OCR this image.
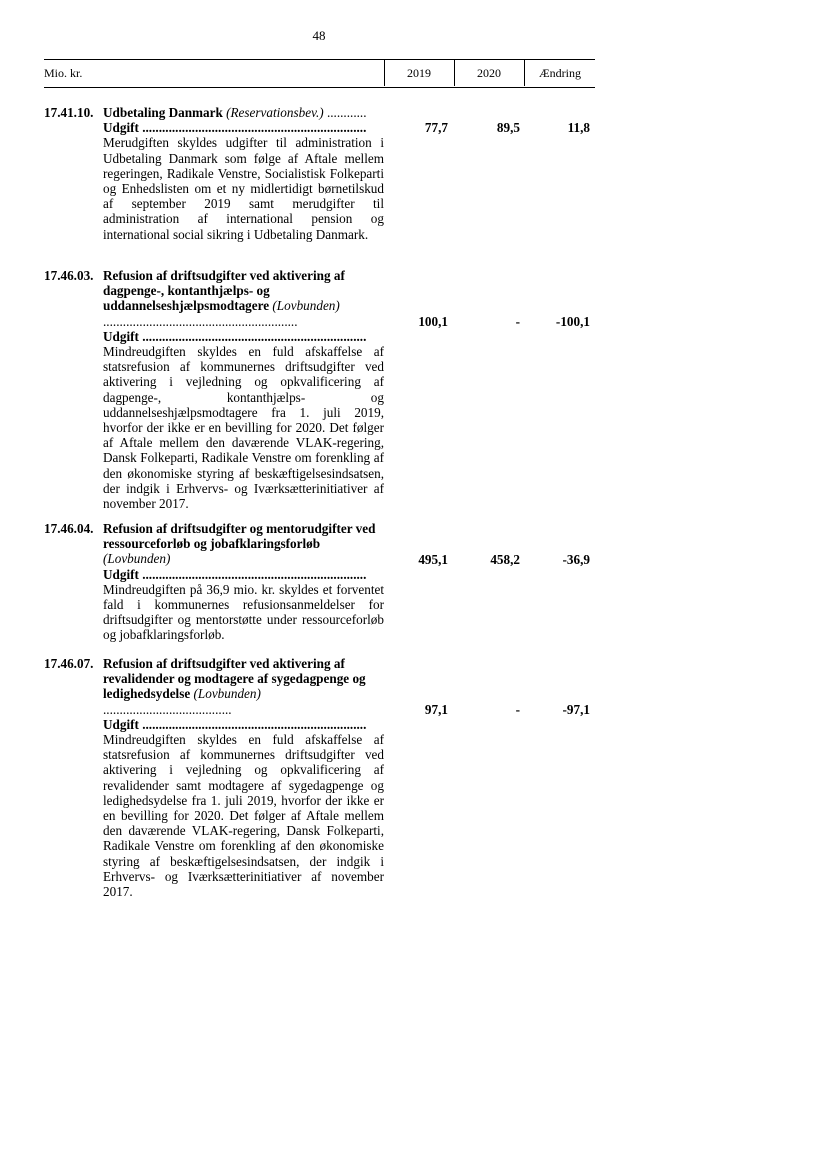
48
Mio. kr.	2019	2020	Ændring
17.41.10. Udbetaling Danmark (Reservationsbev.) ............
Udgift ....................................................................
Merudgiften skyldes udgifter til administration i Udbetaling Danmark som følge af Aftale mellem regeringen, Radikale Venstre, Socialistisk Folkeparti og Enhedslisten om et ny midlertidigt børnetilskud af september 2019 samt merudgifter til administration af international pension og international social sikring i Udbetaling Danmark.
77,7	89,5	11,8
17.46.03. Refusion af driftsudgifter ved aktivering af dagpenge-, kontanthjælps- og uddannelseshjælpsmodtagere (Lovbunden) ...........................................................
Udgift ....................................................................
Mindreudgiften skyldes en fuld afskaffelse af statsrefusion af kommunernes driftsudgifter ved aktivering i vejledning og opkvalificering af dagpenge-, kontanthjælps- og uddannelseshjælpsmodtagere fra 1. juli 2019, hvorfor der ikke er en bevilling for 2020. Det følger af Aftale mellem den daværende VLAK-regering, Dansk Folkeparti, Radikale Venstre om forenkling af den økonomiske styring af beskæftigelsesindsatsen, der indgik i Erhvervs- og Iværksætterinitiativer af november 2017.
100,1	-	-100,1
17.46.04. Refusion af driftsudgifter og mentorudgifter ved ressourceforløb og jobafklaringsforløb (Lovbunden)
Udgift ....................................................................
Mindreudgiften på 36,9 mio. kr. skyldes et forventet fald i kommunernes refusionsanmeldelser for driftsudgifter og mentorstøtte under ressourceforløb og jobafklaringsforløb.
495,1	458,2	-36,9
17.46.07. Refusion af driftsudgifter ved aktivering af revalidender og modtagere af sygedagpenge og ledighedsydelse (Lovbunden) .......................................
Udgift ....................................................................
Mindreudgiften skyldes en fuld afskaffelse af statsrefusion af kommunernes driftsudgifter ved aktivering i vejledning og opkvalificering af revalidender samt modtagere af sygedagpenge og ledighedsydelse fra 1. juli 2019, hvorfor der ikke er en bevilling for 2020. Det følger af Aftale mellem den daværende VLAK-regering, Dansk Folkeparti, Radikale Venstre om forenkling af den økonomiske styring af beskæftigelsesindsatsen, der indgik i Erhvervs- og Iværksætterinitiativer af november 2017.
97,1	-	-97,1
